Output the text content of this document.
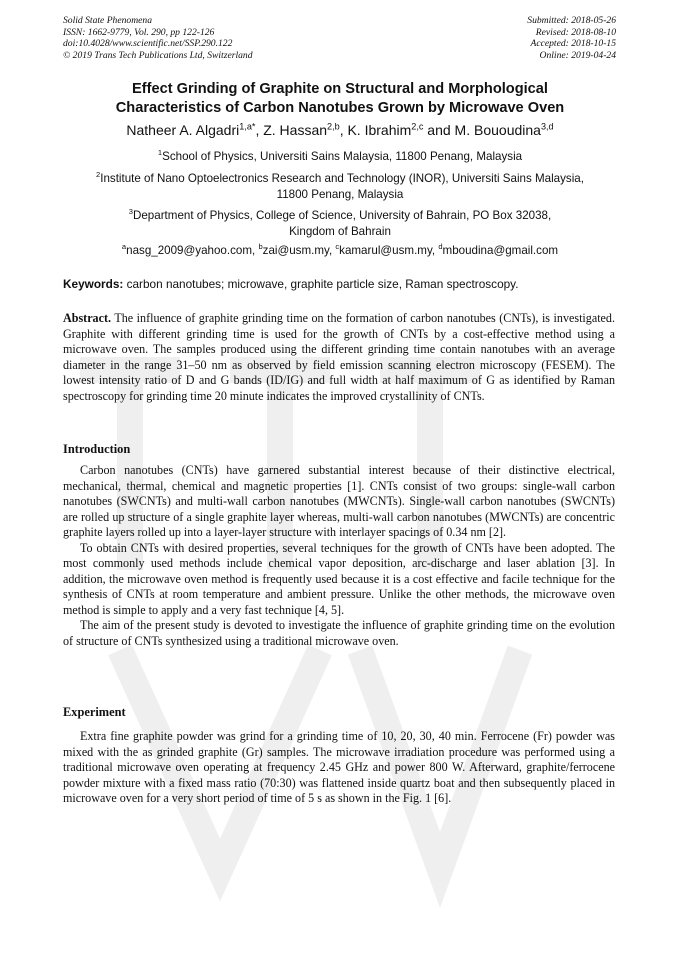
Solid State Phenomena
ISSN: 1662-9779, Vol. 290, pp 122-126
doi:10.4028/www.scientific.net/SSP.290.122
© 2019 Trans Tech Publications Ltd, Switzerland
Submitted: 2018-05-26
Revised: 2018-08-10
Accepted: 2018-10-15
Online: 2019-04-24
Effect Grinding of Graphite on Structural and Morphological
Characteristics of Carbon Nanotubes Grown by Microwave Oven
Natheer A. Algadri$^{1,a*}$, Z. Hassan$^{2,b}$, K. Ibrahim$^{2,c}$ and M. Bououdina$^{3,d}$
$^1$School of Physics, Universiti Sains Malaysia, 11800 Penang, Malaysia
$^2$Institute of Nano Optoelectronics Research and Technology (INOR), Universiti Sains Malaysia,
11800 Penang, Malaysia
$^3$Department of Physics, College of Science, University of Bahrain, PO Box 32038,
Kingdom of Bahrain
$^a$nasg_2009@yahoo.com, $^b$zai@usm.my, $^c$kamarul@usm.my, $^d$mboudina@gmail.com
Keywords: carbon nanotubes; microwave, graphite particle size, Raman spectroscopy.

Abstract. The influence of graphite grinding time on the formation of carbon nanotubes (CNTs), is investigated. Graphite with different grinding time is used for the growth of CNTs by a cost-effective method using a microwave oven. The samples produced using the different grinding time contain nanotubes with an average diameter in the range 31–50 nm as observed by field emission scanning electron microscopy (FESEM). The lowest intensity ratio of D and G bands (ID/IG) and full width at half maximum of G as identified by Raman spectroscopy for grinding time 20 minute indicates the improved crystallinity of CNTs.

Introduction

Carbon nanotubes (CNTs) have garnered substantial interest because of their distinctive electrical, mechanical, thermal, chemical and magnetic properties [1]. CNTs consist of two groups: single-wall carbon nanotubes (SWCNTs) and multi-wall carbon nanotubes (MWCNTs). Single-wall carbon nanotubes (SWCNTs) are rolled up structure of a single graphite layer whereas, multi-wall carbon nanotubes (MWCNTs) are concentric graphite layers rolled up into a layer-layer structure with interlayer spacings of 0.34 nm [2].

To obtain CNTs with desired properties, several techniques for the growth of CNTs have been adopted. The most commonly used methods include chemical vapor deposition, arc-discharge and laser ablation [3]. In addition, the microwave oven method is frequently used because it is a cost effective and facile technique for the synthesis of CNTs at room temperature and ambient pressure. Unlike the other methods, the microwave oven method is simple to apply and a very fast technique [4, 5].

The aim of the present study is devoted to investigate the influence of graphite grinding time on the evolution of structure of CNTs synthesized using a traditional microwave oven.

Experiment

Extra fine graphite powder was grind for a grinding time of 10, 20, 30, 40 min. Ferrocene (Fr) powder was mixed with the as grinded graphite (Gr) samples. The microwave irradiation procedure was performed using a traditional microwave oven operating at frequency 2.45 GHz and power 800 W. Afterward, graphite/ferrocene powder mixture with a fixed mass ratio (70:30) was flattened inside quartz boat and then subsequently placed in microwave oven for a very short period of time of 5 s as shown in the Fig. 1 [6].
